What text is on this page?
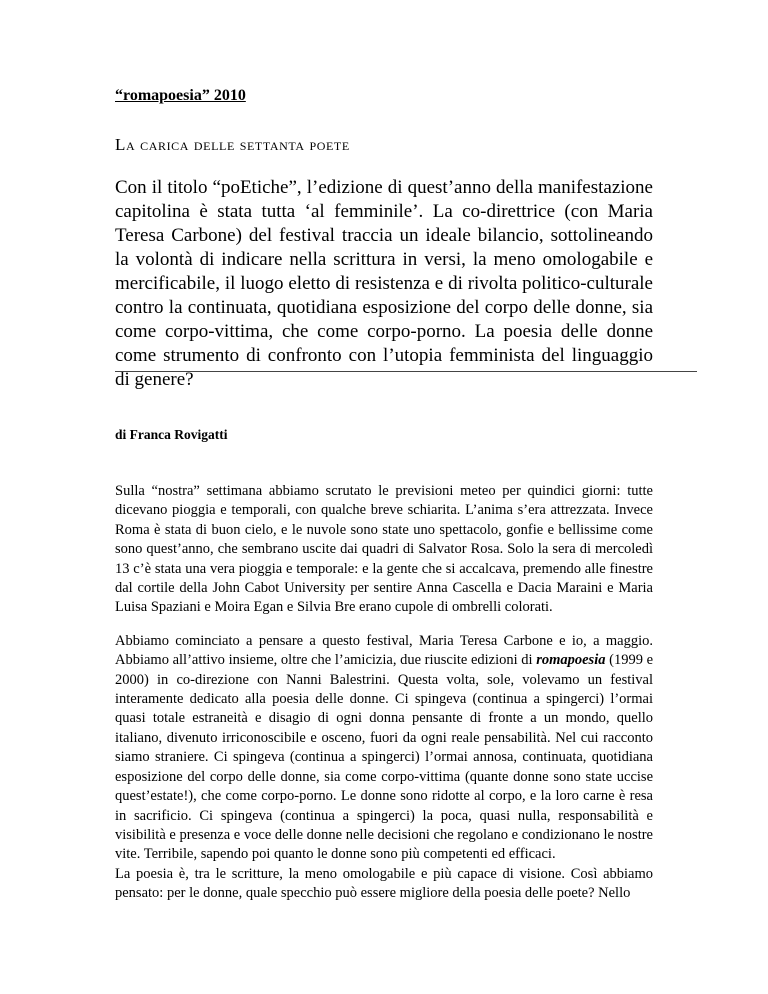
“romapoesia” 2010
La carica delle settanta poete
Con il titolo “poEtiche”, l’edizione di quest’anno della manifestazione capitolina è stata tutta ‘al femminile’. La co-direttrice (con Maria Teresa Carbone) del festival traccia un ideale bilancio, sottolineando la volontà di indicare nella scrittura in versi, la meno omologabile e mercificabile, il luogo eletto di resistenza e di rivolta politico-culturale contro la continuata, quotidiana esposizione del corpo delle donne, sia come corpo-vittima, che come corpo-porno. La poesia delle donne come strumento di confronto con l’utopia femminista del linguaggio di genere?
di Franca Rovigatti

Sulla “nostra” settimana abbiamo scrutato le previsioni meteo per quindici giorni: tutte dicevano pioggia e temporali, con qualche breve schiarita. L’anima s’era attrezzata. Invece Roma è stata di buon cielo, e le nuvole sono state uno spettacolo, gonfie e bellissime come sono quest’anno, che sembrano uscite dai quadri di Salvator Rosa. Solo la sera di mercoledì 13 c’è stata una vera pioggia e temporale: e la gente che si accalcava, premendo alle finestre dal cortile della John Cabot University per sentire Anna Cascella e Dacia Maraini e Maria Luisa Spaziani e Moira Egan e Silvia Bre erano cupole di ombrelli colorati.

Abbiamo cominciato a pensare a questo festival, Maria Teresa Carbone e io, a maggio. Abbiamo all’attivo insieme, oltre che l’amicizia, due riuscite edizioni di romapoesia (1999 e 2000) in co-direzione con Nanni Balestrini. Questa volta, sole, volevamo un festival interamente dedicato alla poesia delle donne. Ci spingeva (continua a spingerci) l’ormai quasi totale estraneità e disagio di ogni donna pensante di fronte a un mondo, quello italiano, divenuto irriconoscibile e osceno, fuori da ogni reale pensabilità. Nel cui racconto siamo straniere. Ci spingeva (continua a spingerci) l’ormai annosa, continuata, quotidiana esposizione del corpo delle donne, sia come corpo-vittima (quante donne sono state uccise quest’estate!), che come corpo-porno. Le donne sono ridotte al corpo, e la loro carne è resa in sacrificio. Ci spingeva (continua a spingerci) la poca, quasi nulla, responsabilità e visibilità e presenza e voce delle donne nelle decisioni che regolano e condizionano le nostre vite. Terribile, sapendo poi quanto le donne sono più competenti ed efficaci.

La poesia è, tra le scritture, la meno omologabile e più capace di visione. Così abbiamo pensato: per le donne, quale specchio può essere migliore della poesia delle poete? Nello
